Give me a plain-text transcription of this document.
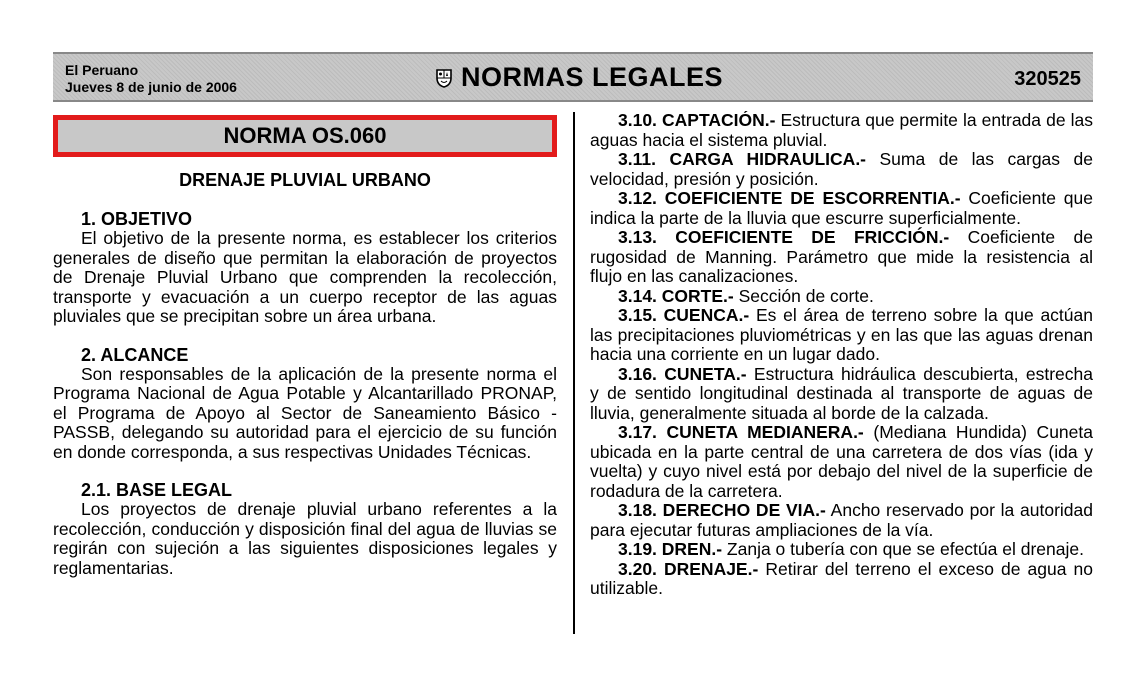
El Peruano
Jueves 8 de junio de 2006	NORMAS LEGALES	320525
NORMA OS.060
DRENAJE PLUVIAL URBANO
1. OBJETIVO

El objetivo de la presente norma, es establecer los criterios generales de diseño que permitan la elaboración de proyectos de Drenaje Pluvial Urbano que comprenden la recolección, transporte y evacuación a un cuerpo receptor de las aguas pluviales que se precipitan sobre un área urbana.

2. ALCANCE

Son responsables de la aplicación de la presente norma el Programa Nacional de Agua Potable y Alcantarillado PRONAP, el Programa de Apoyo al Sector de Saneamiento Básico - PASSB, delegando su autoridad para el ejercicio de su función en donde corresponda, a sus respectivas Unidades Técnicas.

2.1. BASE LEGAL

Los proyectos de drenaje pluvial urbano referentes a la recolección, conducción y disposición final del agua de lluvias se regirán con sujeción a las siguientes disposiciones legales y reglamentarias.

3.10. CAPTACIÓN.- Estructura que permite la entrada de las aguas hacia el sistema pluvial.

3.11. CARGA HIDRAULICA.- Suma de las cargas de velocidad, presión y posición.

3.12. COEFICIENTE DE ESCORRENTIA.- Coeficiente que indica la parte de la lluvia que escurre superficialmente.

3.13. COEFICIENTE DE FRICCIÓN.- Coeficiente de rugosidad de Manning. Parámetro que mide la resistencia al flujo en las canalizaciones.

3.14. CORTE.- Sección de corte.

3.15. CUENCA.- Es el área de terreno sobre la que actúan las precipitaciones pluviométricas y en las que las aguas drenan hacia una corriente en un lugar dado.

3.16. CUNETA.- Estructura hidráulica descubierta, estrecha y de sentido longitudinal destinada al transporte de aguas de lluvia, generalmente situada al borde de la calzada.

3.17. CUNETA MEDIANERA.- (Mediana Hundida) Cuneta ubicada en la parte central de una carretera de dos vías (ida y vuelta) y cuyo nivel está por debajo del nivel de la superficie de rodadura de la carretera.

3.18. DERECHO DE VIA.- Ancho reservado por la autoridad para ejecutar futuras ampliaciones de la vía.

3.19. DREN.- Zanja o tubería con que se efectúa el drenaje.

3.20. DRENAJE.- Retirar del terreno el exceso de agua no utilizable.
